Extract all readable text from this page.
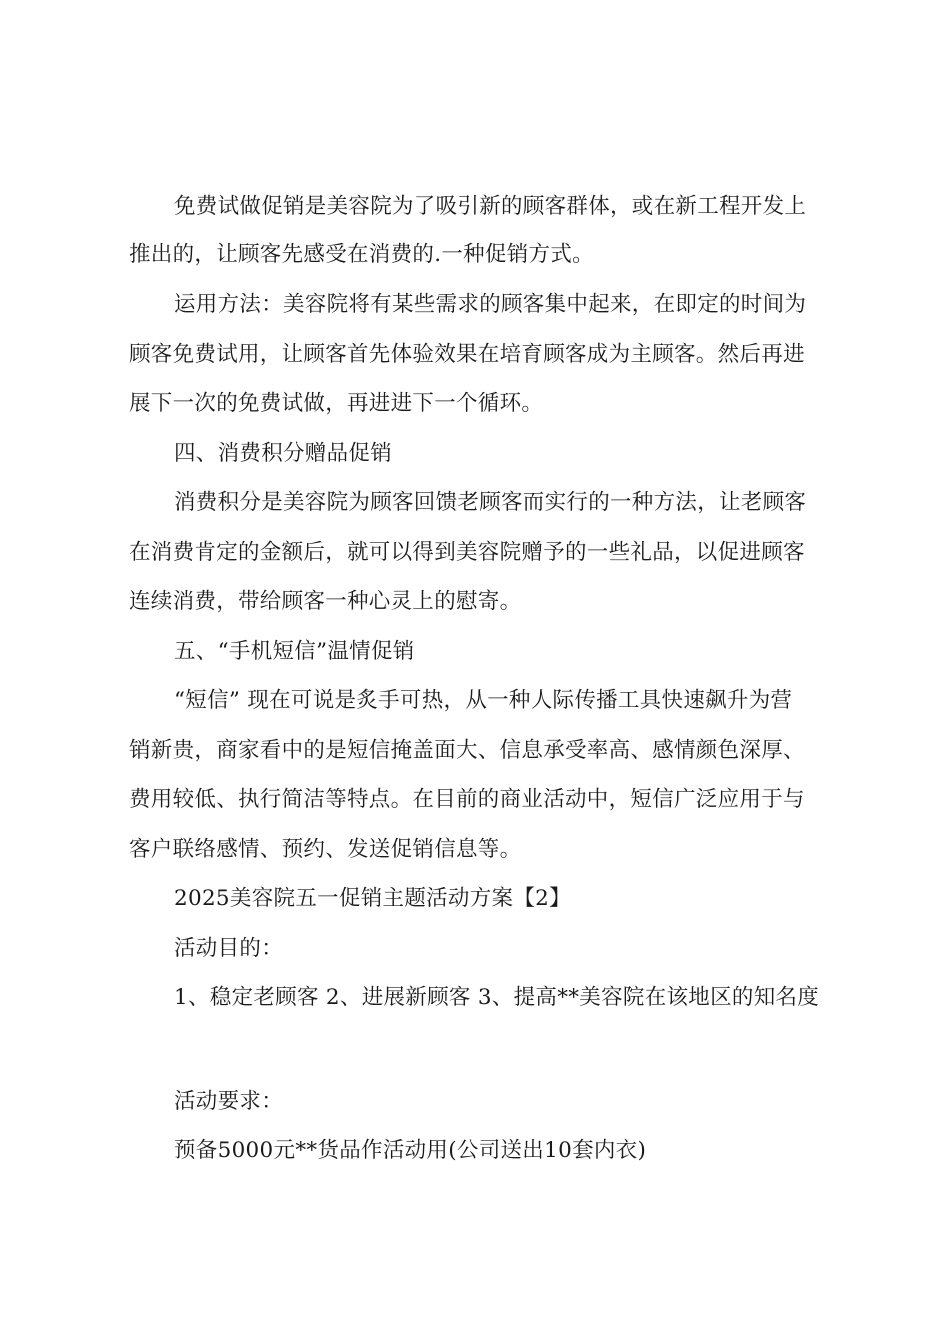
免费试做促销是美容院为了吸引新的顾客群体，或在新工程开发上
推出的，让顾客先感受在消费的.一种促销方式。
运用方法：美容院将有某些需求的顾客集中起来，在即定的时间为
顾客免费试用，让顾客首先体验效果在培育顾客成为主顾客。然后再进
展下一次的免费试做，再进进下一个循环。
四、消费积分赠品促销
消费积分是美容院为顾客回馈老顾客而实行的一种方法，让老顾客
在消费肯定的金额后，就可以得到美容院赠予的一些礼品，以促进顾客
连续消费，带给顾客一种心灵上的慰寄。
五、“手机短信”温情促销
“短信” 现在可说是炙手可热，从一种人际传播工具快速飙升为营
销新贵，商家看中的是短信掩盖面大、信息承受率高、感情颜色深厚、
费用较低、执行简洁等特点。在目前的商业活动中，短信广泛应用于与
客户联络感情、预约、发送促销信息等。
2025美容院五一促销主题活动方案【2】
活动目的：
1、稳定老顾客 2、进展新顾客 3、提高**美容院在该地区的知名度
活动要求：
预备5000元**货品作活动用(公司送出10套内衣)
